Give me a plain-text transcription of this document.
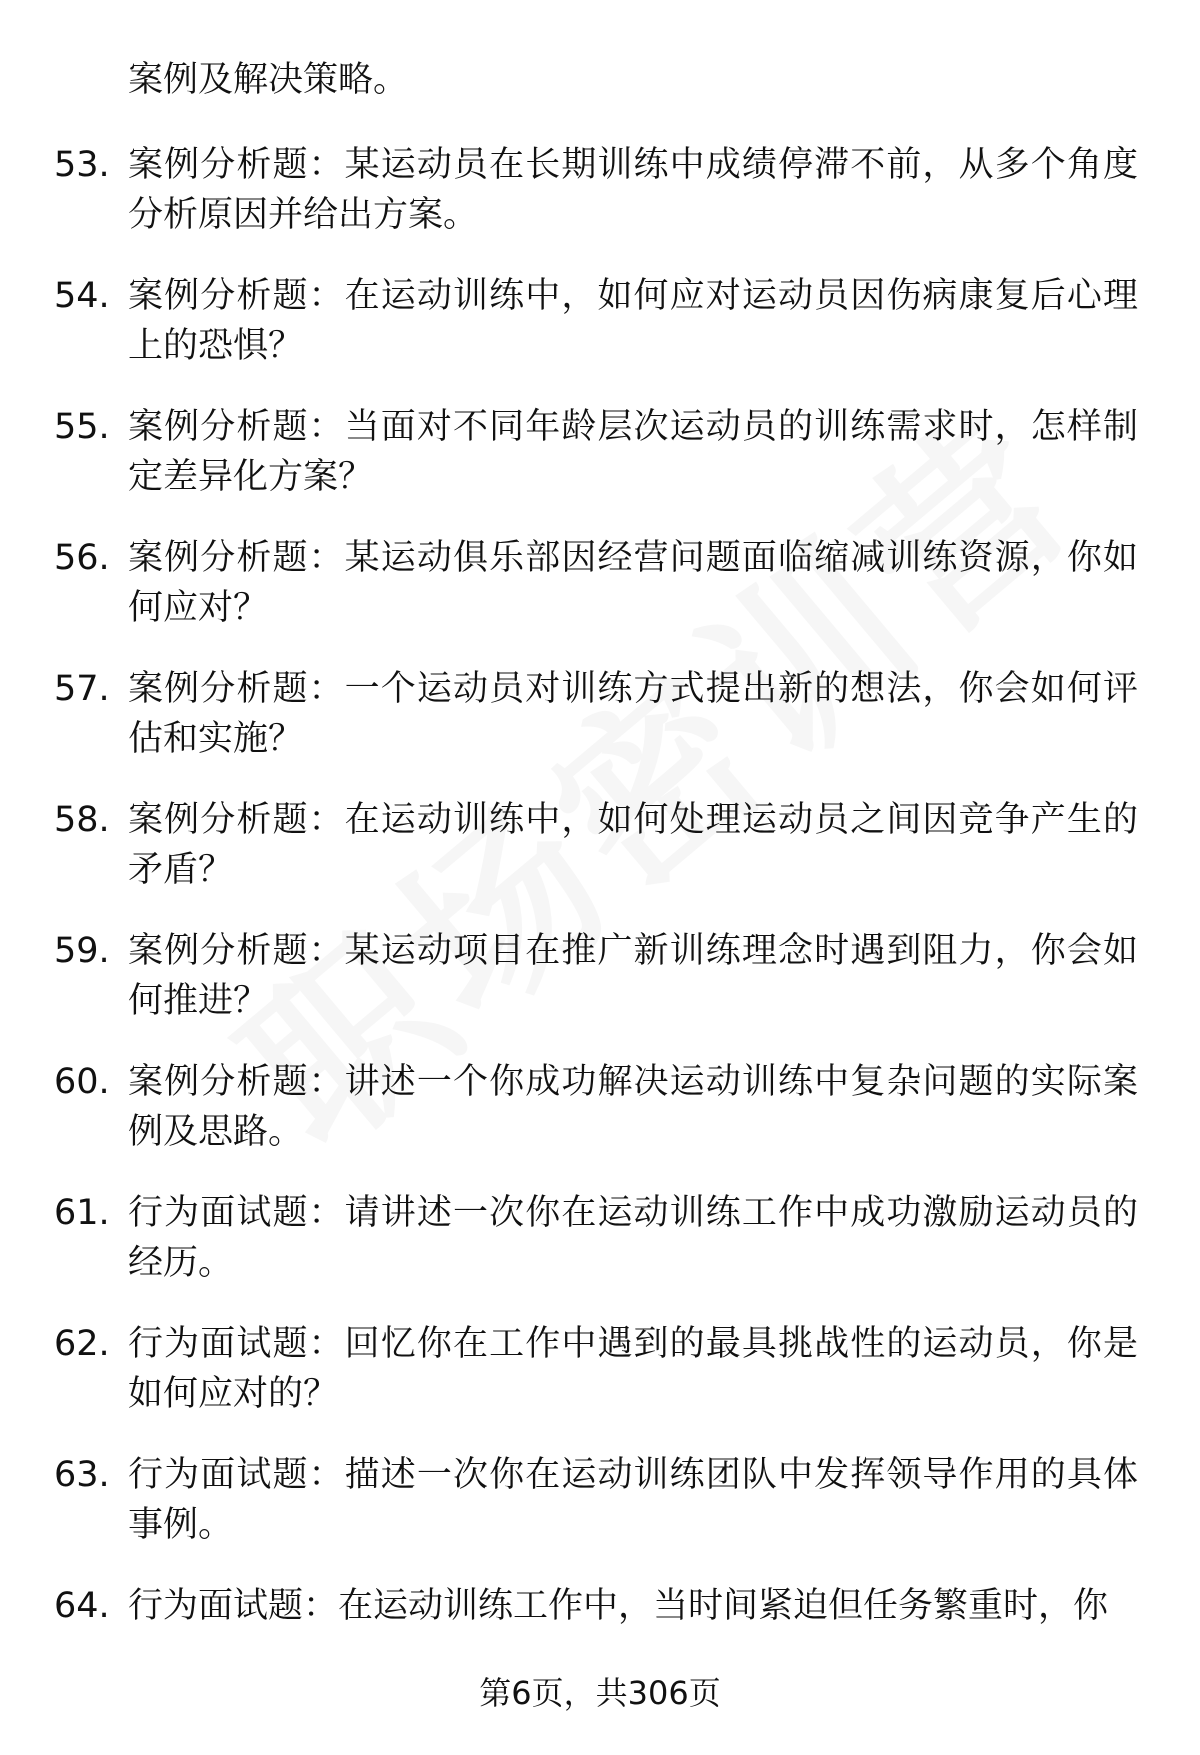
案例及解决策略。

53. 案例分析题：某运动员在长期训练中成绩停滞不前，从多个角度分析原因并给出方案。
54. 案例分析题：在运动训练中，如何应对运动员因伤病康复后心理上的恐惧？
55. 案例分析题：当面对不同年龄层次运动员的训练需求时，怎样制定差异化方案？
56. 案例分析题：某运动俱乐部因经营问题面临缩减训练资源，你如何应对？
57. 案例分析题：一个运动员对训练方式提出新的想法，你会如何评估和实施？
58. 案例分析题：在运动训练中，如何处理运动员之间因竞争产生的矛盾？
59. 案例分析题：某运动项目在推广新训练理念时遇到阻力，你会如何推进？
60. 案例分析题：讲述一个你成功解决运动训练中复杂问题的实际案例及思路。
61. 行为面试题：请讲述一次你在运动训练工作中成功激励运动员的经历。
62. 行为面试题：回忆你在工作中遇到的最具挑战性的运动员，你是如何应对的？
63. 行为面试题：描述一次你在运动训练团队中发挥领导作用的具体事例。
64. 行为面试题：在运动训练工作中，当时间紧迫但任务繁重时，你
第6页，共306页
